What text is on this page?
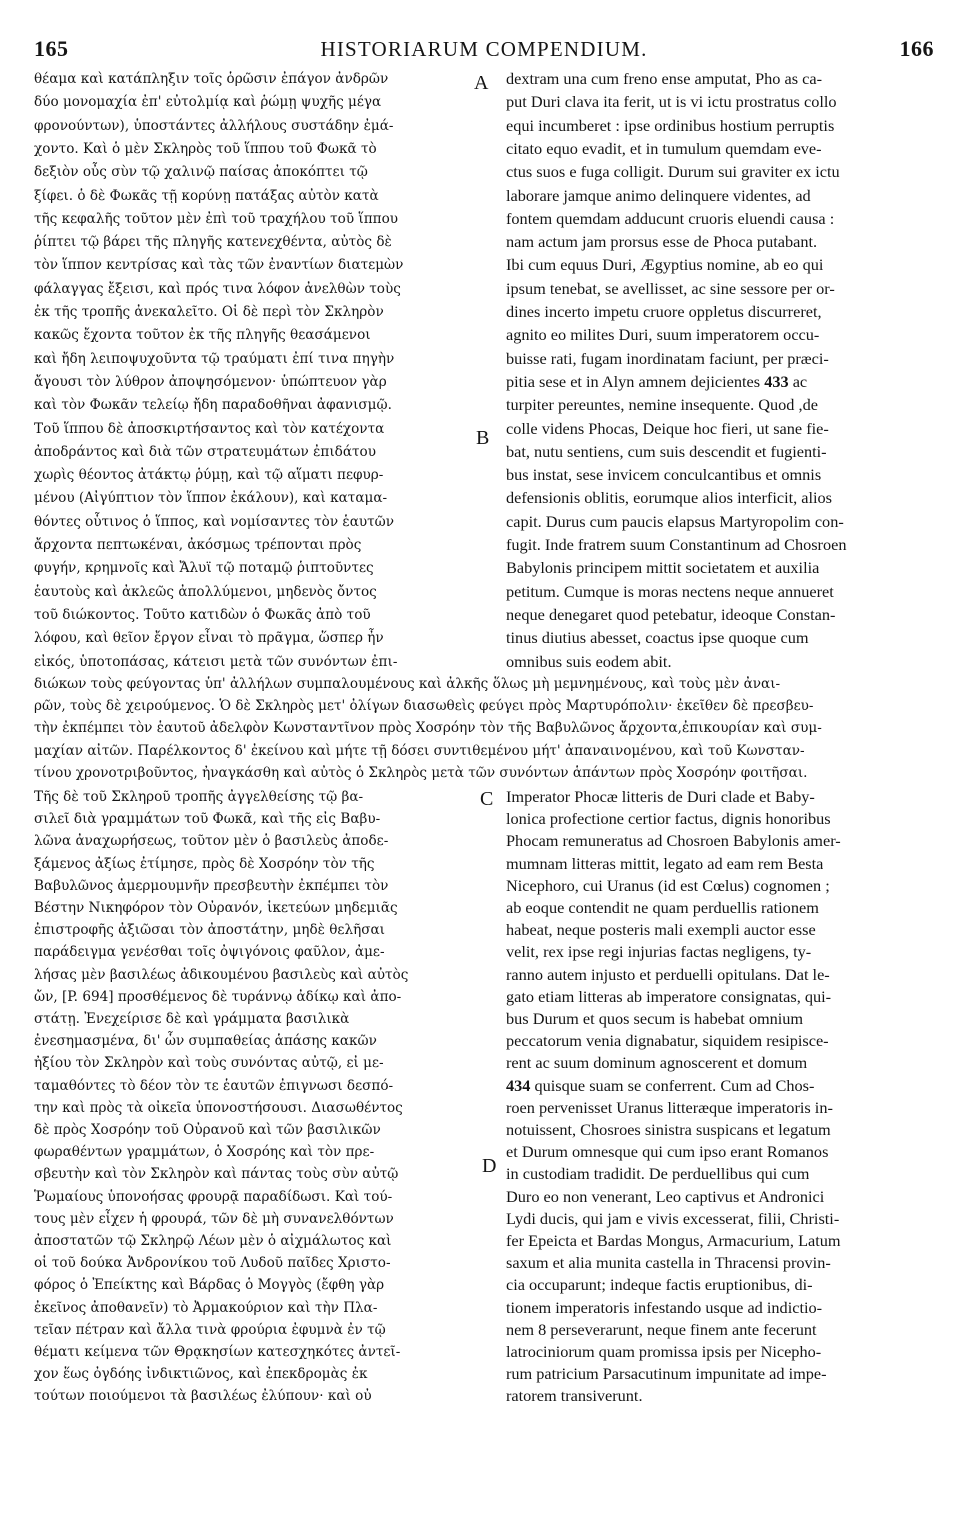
165	HISTORIARUM COMPENDIUM.	166
θέαμα καὶ κατάπληξιν τοῖς ὁρῶσιν ἐπάγον ἀνδρῶν
δύο μονομαχία ἐπ' εὐτολμίᾳ καὶ ῥώμῃ ψυχῆς μέγα
φρονούντων), ὑποστάντες ἀλλήλους συστάδην ἐμά-
χοντο. Καὶ ὁ μὲν Σκληρὸς τοῦ ἵππου τοῦ Φωκᾶ τὸ
δεξιὸν οὖς σὺν τῷ χαλινῷ παίσας ἀποκόπτει τῷ
ξίφει. ὁ δὲ Φωκᾶς τῇ κορύνῃ πατάξας αὐτὸν κατὰ
τῆς κεφαλῆς τοῦτον μὲν ἐπὶ τοῦ τραχήλου τοῦ ἵππου
ῥίπτει τῷ βάρει τῆς πληγῆς κατενεχθέντα, αὐτὸς δὲ
τὸν ἵππον κεντρίσας καὶ τὰς τῶν ἐναντίων διατεμὼν
φάλαγγας ἔξεισι, καὶ πρός τινα λόφον ἀνελθὼν τοὺς
ἐκ τῆς τροπῆς ἀνεκαλεῖτο. Οἱ δὲ περὶ τὸν Σκληρὸν
κακῶς ἔχοντα τοῦτον ἐκ τῆς πληγῆς θεασάμενοι
καὶ ἤδη λειποψυχοῦντα τῷ τραύματι ἐπί τινα πηγὴν
ἄγουσι τὸν λύθρον ἀποψησόμενον· ὑπώπτευον γὰρ
καὶ τὸν Φωκᾶν τελείῳ ἤδη παραδοθῆναι ἀφανισμῷ.
Τοῦ ἵππου δὲ ἀποσκιρτήσαντος καὶ τὸν κατέχοντα
ἀποδράντος καὶ διὰ τῶν στρατευμάτων ἐπιδάτου
χωρὶς θέοντος ἀτάκτῳ ῥύμῃ, καὶ τῷ αἵματι πεφυρ-
μένου (Αἰγύπτιον τὸν ἵππον ἐκάλουν), καὶ καταμα-
θόντες οὗτινος ὁ ἵππος, καὶ νομίσαντες τὸν ἑαυτῶν
ἄρχοντα πεπτωκέναι, ἀκόσμως τρέπονται πρὸς
φυγήν, κρημνοῖς καὶ Ἄλυϊ τῷ ποταμῷ ῥιπτοῦντες
ἑαυτοὺς καὶ ἀκλεῶς ἀπολλύμενοι, μηδενὸς ὄντος
τοῦ διώκοντος. Τοῦτο κατιδὼν ὁ Φωκᾶς ἀπὸ τοῦ
λόφου, καὶ θεῖον ἔργον εἶναι τὸ πρᾶγμα, ὥσπερ ἦν
εἰκός, ὑποτοπάσας, κάτεισι μετὰ τῶν συνόντων ἐπι-
dextram una cum freno ense amputat, Pho as ca-
put Duri clava ita ferit, ut is vi ictu prostratus collo
equi incumberet : ipse ordinibus hostium perruptis
citato equo evadit, et in tumulum quemdam eve-
ctus suos e fuga colligit. Durum sui graviter ex ictu
laborare jamque animo delinquere videntes, ad
fontem quemdam adducunt cruoris eluendi causa :
nam actum jam prorsus esse de Phoca putabant.
Ibi cum equus Duri, Ægyptius nomine, ab eo qui
ipsum tenebat, se avellisset, ac sine sessore per or-
dines incerto impetu cruore oppletus discurreret,
agnito eo milites Duri, suum imperatorem occu-
buisse rati, fugam inordinatam faciunt, per præci-
pitia sese et in Alyn amnem dejicientes 433 ac
turpiter pereuntes, nemine insequente. Quod ,de
colle videns Phocas, Deique hoc fieri, ut sane fie-
bat, nutu sentiens, cum suis descendit et fugienti-
bus instat, sese invicem conculcantibus et omnis
defensionis oblitis, eorumque alios interficit, alios
capit. Durus cum paucis elapsus Martyropolim con-
fugit. Inde fratrem suum Constantinum ad Chosroen
Babylonis principem mittit societatem et auxilia
petitum. Cumque is moras nectens neque annueret
neque denegaret quod petebatur, ideoque Constan-
tinus diutius abesset, coactus ipse quoque cum
omnibus suis eodem abit.
διώκων τοὺς φεύγοντας ὑπ' ἀλλήλων συμπαλουμένους καὶ ἀλκῆς ὅλως μὴ μεμνημένους, καὶ τοὺς μὲν ἀναι-
ρῶν, τοὺς δὲ χειρούμενος. Ὁ δὲ Σκληρὸς μετ' ὀλίγων διασωθεὶς φεύγει πρὸς Μαρτυρόπολιν· ἐκεῖθεν δὲ πρεσβευ-
τὴν ἐκπέμπει τὸν ἑαυτοῦ ἀδελφὸν Κωνσταντῖνον πρὸς Χοσρόην τὸν τῆς Βαβυλῶνος ἄρχοντα,ἐπικουρίαν καὶ συμ-
μαχίαν αἰτῶν. Παρέλκοντος δ' ἐκείνου καὶ μήτε τῇ δόσει συντιθεμένου μήτ' ἀπαναινομένου, καὶ τοῦ Κωνσταν-
τίνου χρονοτριβοῦντος, ἠναγκάσθη καὶ αὐτὸς ὁ Σκληρὸς μετὰ τῶν συνόντων ἁπάντων πρὸς Χοσρόην φοιτῆσαι.
Τῆς δὲ τοῦ Σκληροῦ τροπῆς ἀγγελθείσης τῷ βα-
σιλεῖ διὰ γραμμάτων τοῦ Φωκᾶ, καὶ τῆς εἰς Βαβυ-
λῶνα ἀναχωρήσεως, τοῦτον μὲν ὁ βασιλεὺς ἀποδε-
ξάμενος ἀξίως ἐτίμησε, πρὸς δὲ Χοσρόην τὸν τῆς
Βαβυλῶνος ἀμερμουμνῆν πρεσβευτὴν ἐκπέμπει τὸν
Βέστην Νικηφόρον τὸν Οὐρανόν, ἱκετεύων μηδεμιᾶς
ἐπιστροφῆς ἀξιῶσαι τὸν ἀποστάτην, μηδὲ θελῆσαι
παράδειγμα γενέσθαι τοῖς ὀψιγόνοις φαῦλον, ἀμε-
λήσας μὲν βασιλέως ἀδικουμένου βασιλεὺς καὶ αὐτὸς
ὤν, [P. 694] προσθέμενος δὲ τυράννῳ ἀδίκῳ καὶ ἀπο-
στάτῃ. Ἐνεχείρισε δὲ καὶ γράμματα βασιλικὰ
ἐνεσημασμένα, δι' ὧν συμπαθείας ἁπάσης κακῶν
ἠξίου τὸν Σκληρὸν καὶ τοὺς συνόντας αὐτῷ, εἰ με-
ταμαθόντες τὸ δέον τὸν τε ἑαυτῶν ἐπιγνωσι δεσπό-
την καὶ πρὸς τὰ οἰκεῖα ὑπονοστήσουσι. Διασωθέντος
δὲ πρὸς Χοσρόην τοῦ Οὐρανοῦ καὶ τῶν βασιλικῶν
φωραθέντων γραμμάτων, ὁ Χοσρόης καὶ τὸν πρε-
σβευτὴν καὶ τὸν Σκληρὸν καὶ πάντας τοὺς σὺν αὐτῷ
Ῥωμαίους ὑπονοήσας φρουρᾷ παραδίδωσι. Καὶ τού-
τους μὲν εἶχεν ἡ φρουρά, τῶν δὲ μὴ συνανελθόντων
ἀποστατῶν τῷ Σκληρῷ Λέων μὲν ὁ αἰχμάλωτος καὶ
οἱ τοῦ δούκα Ἀνδρονίκου τοῦ Λυδοῦ παῖδες Χριστο-
φόρος ὁ Ἐπείκτης καὶ Βάρδας ὁ Μογγὸς (ἔφθη γὰρ
ἐκεῖνος ἀποθανεῖν) τὸ Ἀρμακούριον καὶ τὴν Πλα-
τεῖαν πέτραν καὶ ἄλλα τινὰ φρούρια ἐφυμνὰ ἐν τῷ
θέματι κείμενα τῶν Θρᾳκησίων κατεσχηκότες ἀντεῖ-
χον ἕως ὀγδόης ἰνδικτιῶνος, καὶ ἐπεκδρομὰς ἐκ
τούτων ποιούμενοι τὰ βασιλέως ἐλύπουν· καὶ οὐ
Imperator Phocæ litteris de Duri clade et Baby-
lonica profectione certior factus, dignis honoribus
Phocam remuneratus ad Chosroen Babylonis amer-
mumnam litteras mittit, legato ad eam rem Besta
Nicephoro, cui Uranus (id est Cœlus) cognomen ;
ab eoque contendit ne quam perduellis rationem
habeat, neque posteris mali exempli auctor esse
velit, rex ipse regi injurias factas negligens, ty-
ranno autem injusto et perduelli opitulans. Dat le-
gato etiam litteras ab imperatore consignatas, qui-
bus Durum et quos secum is habebat omnium
peccatorum venia dignabatur, siquidem resipisce-
rent ac suum dominum agnoscerent et domum
434 quisque suam se conferrent. Cum ad Chos-
roen pervenisset Uranus litteræque imperatoris in-
notuissent, Chosroes sinistra suspicans et legatum
et Durum omnesque qui cum ipso erant Romanos
in custodiam tradidit. De perduellibus qui cum
Duro eo non venerant, Leo captivus et Andronici
Lydi ducis, qui jam e vivis excesserat, filii, Christi-
fer Epeicta et Bardas Mongus, Armacurium, Latum
saxum et alia munita castella in Thracensi provin-
cia occuparunt; indeque factis eruptionibus, di-
tionem imperatoris infestando usque ad indictio-
nem 8 perseverarunt, neque finem ante fecerunt
latrociniorum quam promissa ipsis per Nicepho-
rum patricium Parsacutinum impunitate ad impe-
ratorem transiverunt.
A
B
C
D
